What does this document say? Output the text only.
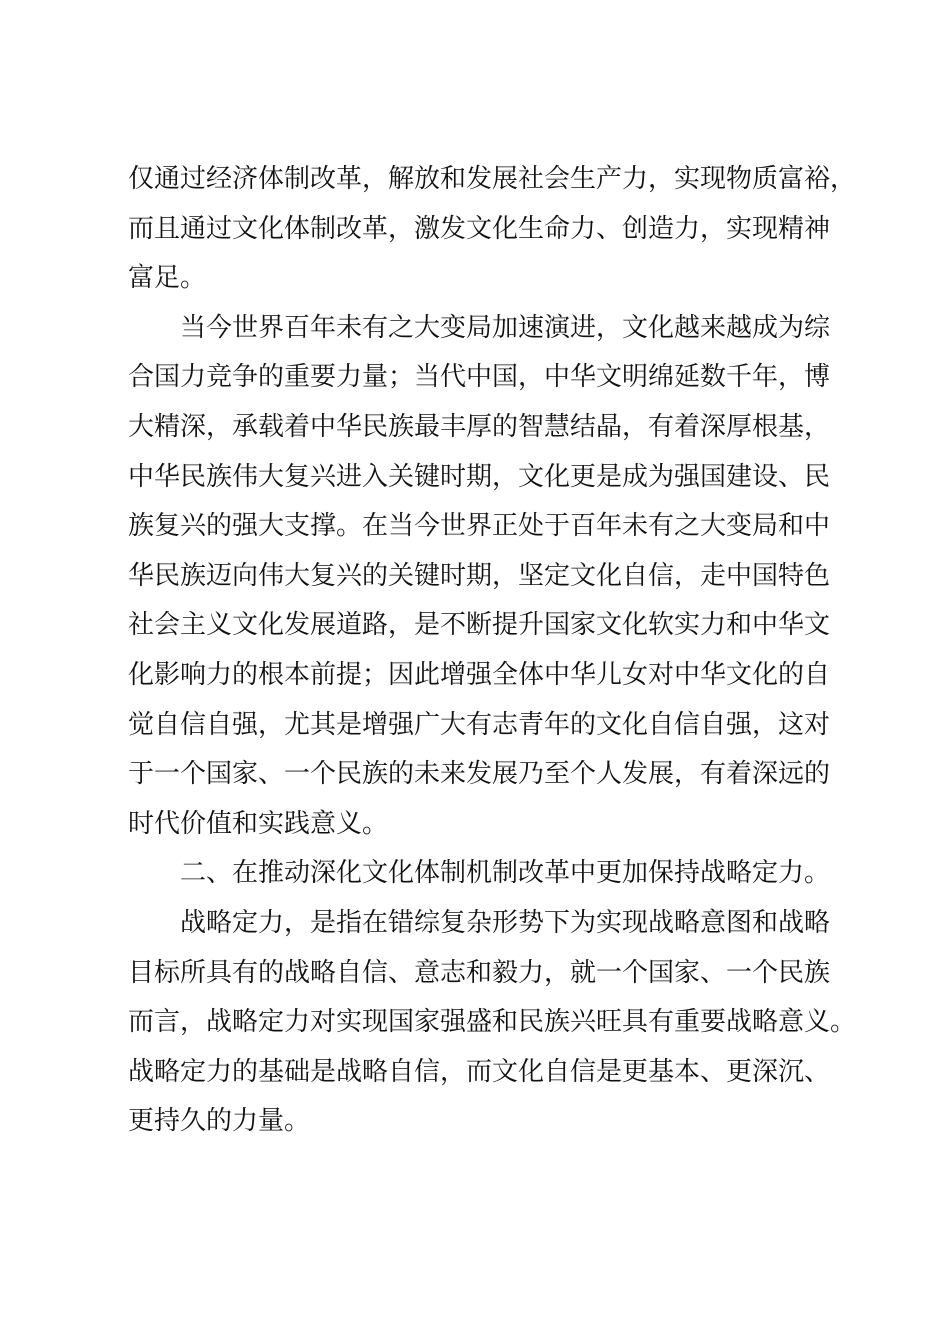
仅通过经济体制改革，解放和发展社会生产力，实现物质富裕，
而且通过文化体制改革，激发文化生命力、创造力，实现精神
富足。
当今世界百年未有之大变局加速演进，文化越来越成为综
合国力竞争的重要力量；当代中国，中华文明绵延数千年，博
大精深，承载着中华民族最丰厚的智慧结晶，有着深厚根基，
中华民族伟大复兴进入关键时期，文化更是成为强国建设、民
族复兴的强大支撑。在当今世界正处于百年未有之大变局和中
华民族迈向伟大复兴的关键时期，坚定文化自信，走中国特色
社会主义文化发展道路，是不断提升国家文化软实力和中华文
化影响力的根本前提；因此增强全体中华儿女对中华文化的自
觉自信自强，尤其是增强广大有志青年的文化自信自强，这对
于一个国家、一个民族的未来发展乃至个人发展，有着深远的
时代价值和实践意义。
二、在推动深化文化体制机制改革中更加保持战略定力。
战略定力，是指在错综复杂形势下为实现战略意图和战略
目标所具有的战略自信、意志和毅力，就一个国家、一个民族
而言，战略定力对实现国家强盛和民族兴旺具有重要战略意义。
战略定力的基础是战略自信，而文化自信是更基本、更深沉、
更持久的力量。
